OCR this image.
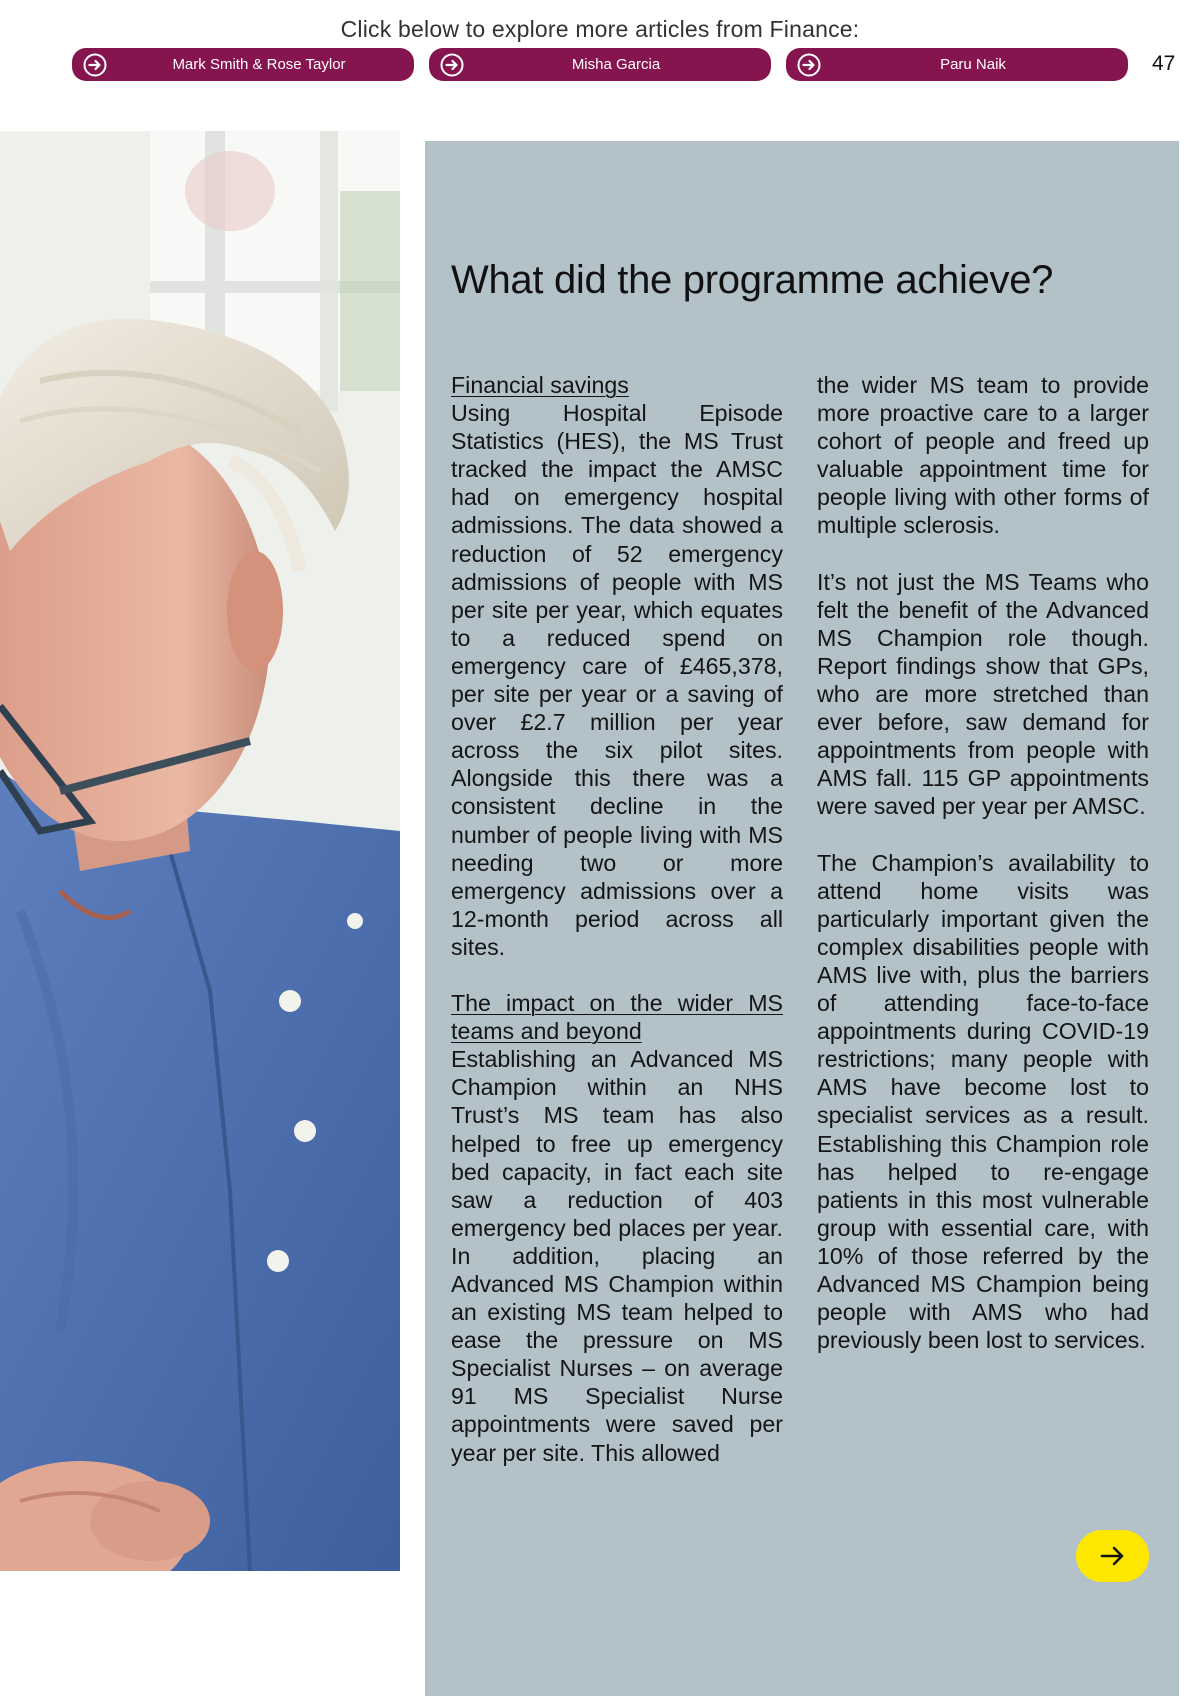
Click below to explore more articles from Finance:
Mark Smith & Rose Taylor	Misha Garcia	Paru Naik	47
What did the programme achieve?

Financial savings

Using Hospital Episode Statistics (HES), the MS Trust tracked the impact the AMSC had on emergency hospital admissions. The data showed a reduction of 52 emergency admissions of people with MS per site per year, which equates to a reduced spend on emergency care of £465,378, per site per year or a saving of over £2.7 million per year across the six pilot sites. Alongside this there was a consistent decline in the number of people living with MS needing two or more emergency admissions over a 12-month period across all sites.

The impact on the wider MS teams and beyond

Establishing an Advanced MS Champion within an NHS Trust’s MS team has also helped to free up emergency bed capacity, in fact each site saw a reduction of 403 emergency bed places per year. In addition, placing an Advanced MS Champion within an existing MS team helped to ease the pressure on MS Specialist Nurses – on average 91 MS Specialist Nurse appointments were saved per year per site. This allowed

the wider MS team to provide more proactive care to a larger cohort of people and freed up valuable appointment time for people living with other forms of multiple sclerosis.

It’s not just the MS Teams who felt the benefit of the Advanced MS Champion role though. Report findings show that GPs, who are more stretched than ever before, saw demand for appointments from people with AMS fall. 115 GP appointments were saved per year per AMSC.

The Champion’s availability to attend home visits was particularly important given the complex disabilities people with AMS live with, plus the barriers of attending face-to-face appointments during COVID-19 restrictions; many people with AMS have become lost to specialist services as a result. Establishing this Champion role has helped to re-engage patients in this most vulnerable group with essential care, with 10% of those referred by the Advanced MS Champion being people with AMS who had previously been lost to services.
